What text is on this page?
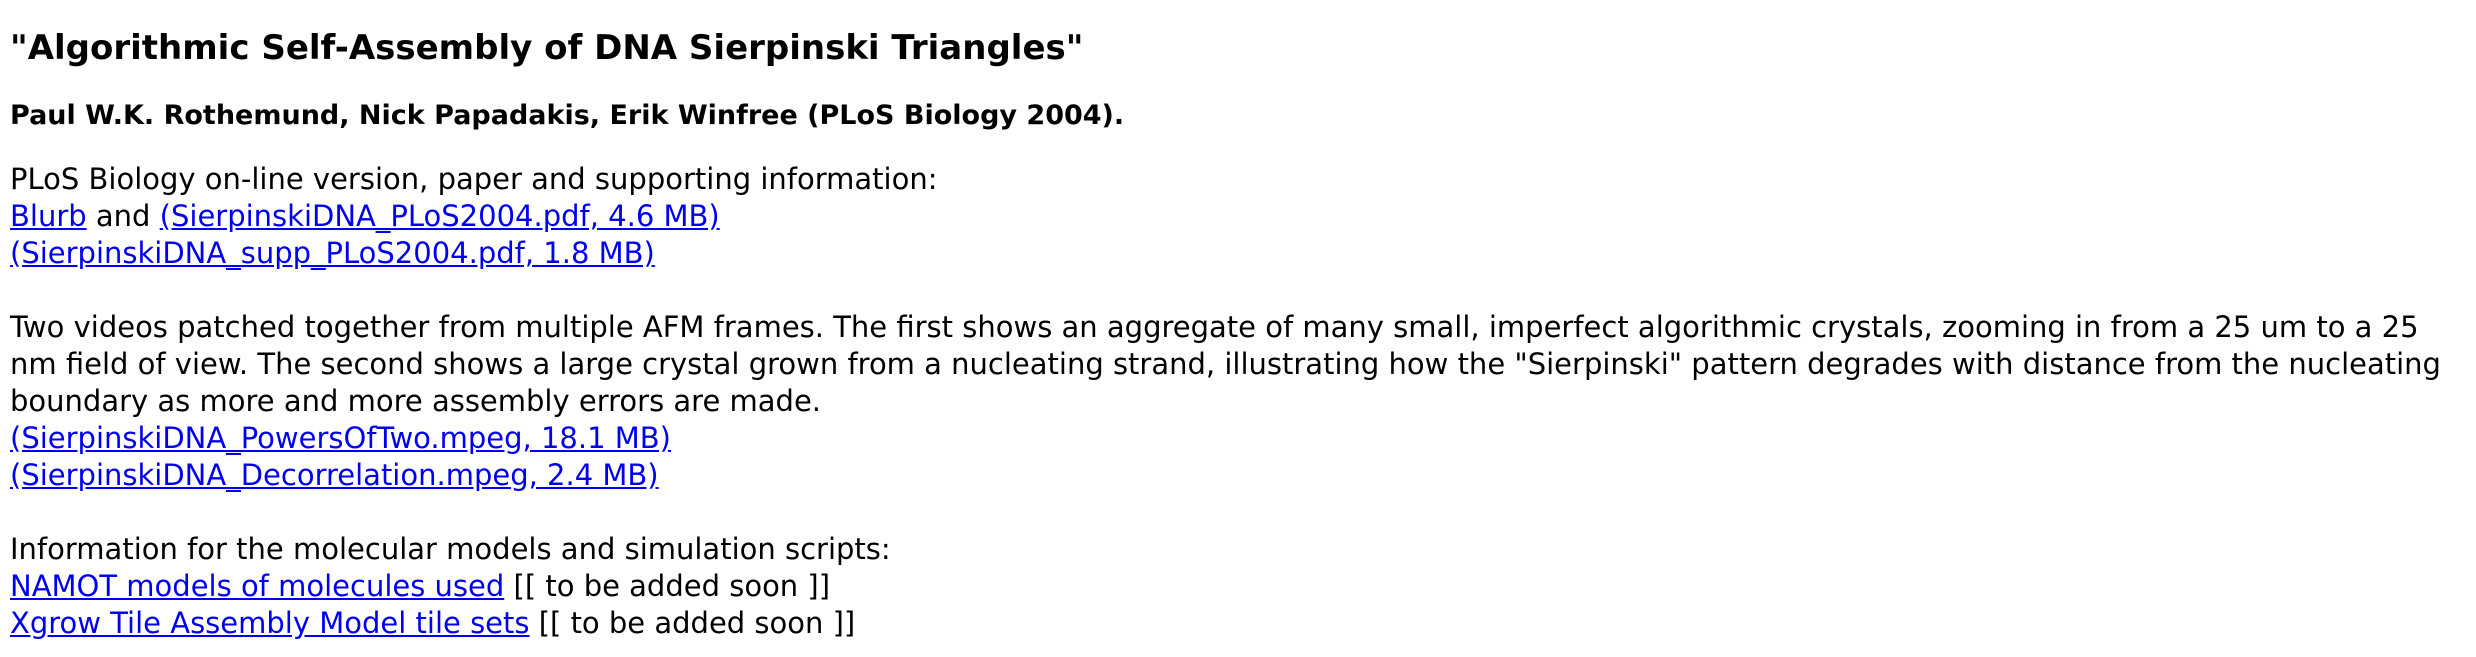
"Algorithmic Self-Assembly of DNA Sierpinski Triangles"
Paul W.K. Rothemund, Nick Papadakis, Erik Winfree (PLoS Biology 2004).

PLoS Biology on-line version, paper and supporting information:
Blurb and (SierpinskiDNA_PLoS2004.pdf, 4.6 MB)
(SierpinskiDNA_supp_PLoS2004.pdf, 1.8 MB)

Two videos patched together from multiple AFM frames. The first shows an aggregate of many small, imperfect algorithmic crystals, zooming in from a 25 um to a 25 nm field of view. The second shows a large crystal grown from a nucleating strand, illustrating how the "Sierpinski" pattern degrades with distance from the nucleating boundary as more and more assembly errors are made.
(SierpinskiDNA_PowersOfTwo.mpeg, 18.1 MB)
(SierpinskiDNA_Decorrelation.mpeg, 2.4 MB)

Information for the molecular models and simulation scripts:
NAMOT models of molecules used [[ to be added soon ]]
Xgrow Tile Assembly Model tile sets [[ to be added soon ]]
